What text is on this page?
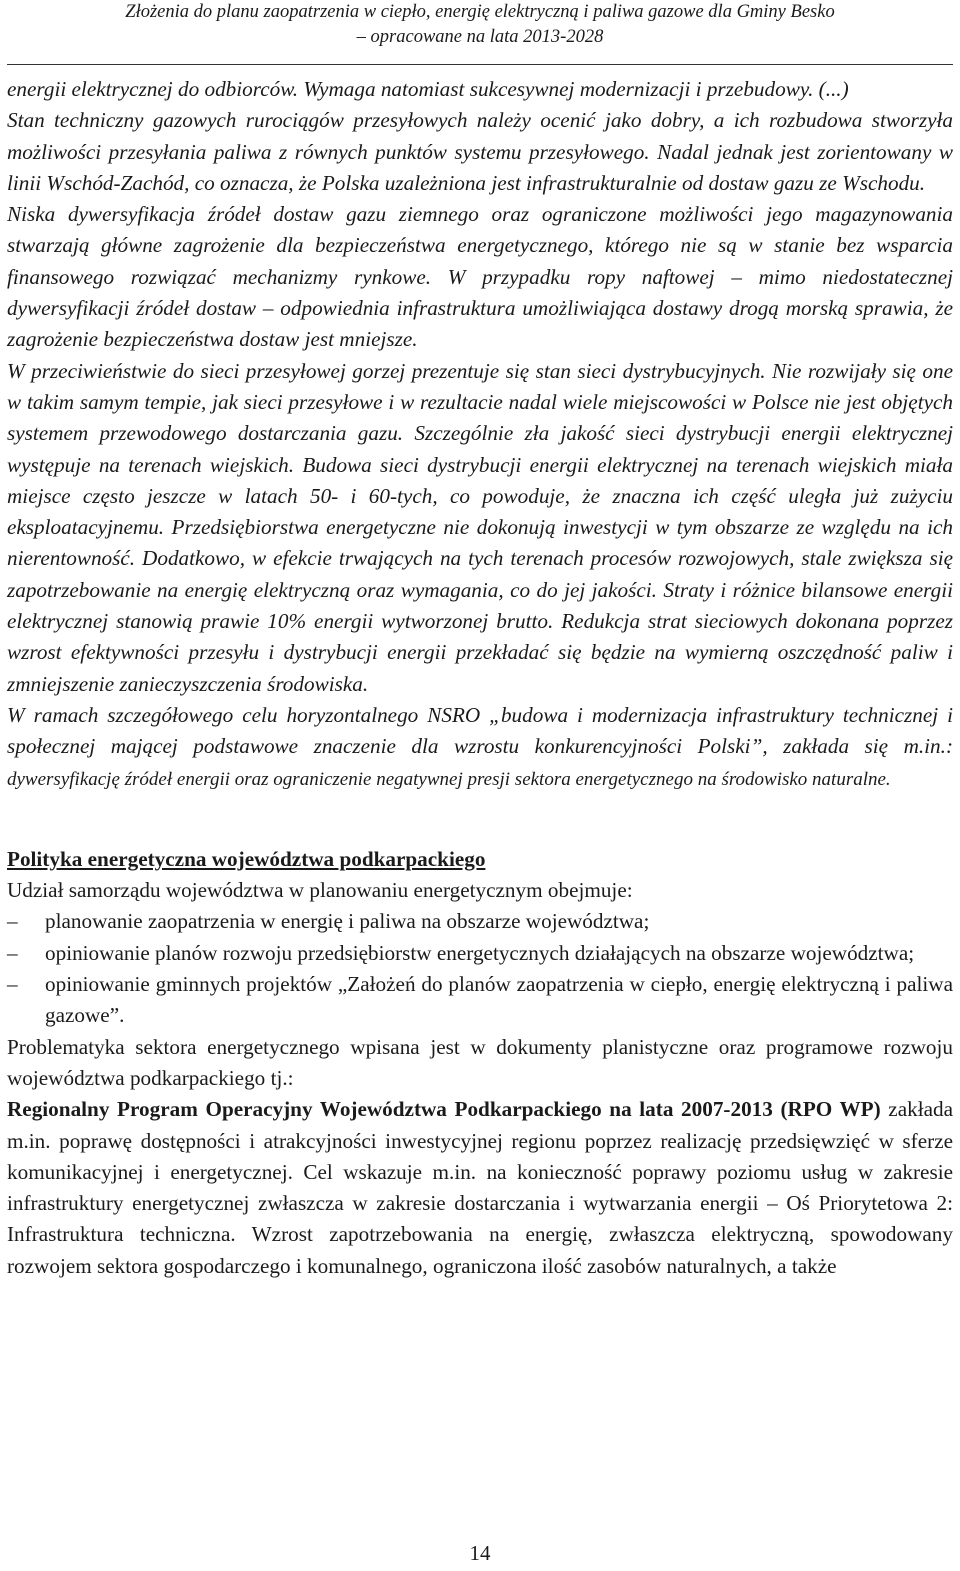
Złożenia do planu zaopatrzenia w ciepło, energię elektryczną i paliwa gazowe dla Gminy Besko
– opracowane na lata 2013-2028

energii elektrycznej do odbiorców. Wymaga natomiast sukcesywnej modernizacji i przebudowy. (...)

Stan techniczny gazowych rurociągów przesyłowych należy ocenić jako dobry, a ich rozbudowa stworzyła możliwości przesyłania paliwa z równych punktów systemu przesyłowego. Nadal jednak jest zorientowany w linii Wschód-Zachód, co oznacza, że Polska uzależniona jest infrastrukturalnie od dostaw gazu ze Wschodu.

Niska dywersyfikacja źródeł dostaw gazu ziemnego oraz ograniczone możliwości jego magazynowania stwarzają główne zagrożenie dla bezpieczeństwa energetycznego, którego nie są w stanie bez wsparcia finansowego rozwiązać mechanizmy rynkowe. W przypadku ropy naftowej – mimo niedostatecznej dywersyfikacji źródeł dostaw – odpowiednia infrastruktura umożliwiająca dostawy drogą morską sprawia, że zagrożenie bezpieczeństwa dostaw jest mniejsze.

W przeciwieństwie do sieci przesyłowej gorzej prezentuje się stan sieci dystrybucyjnych. Nie rozwijały się one w takim samym tempie, jak sieci przesyłowe i w rezultacie nadal wiele miejscowości w Polsce nie jest objętych systemem przewodowego dostarczania gazu. Szczególnie zła jakość sieci dystrybucji energii elektrycznej występuje na terenach wiejskich. Budowa sieci dystrybucji energii elektrycznej na terenach wiejskich miała miejsce często jeszcze w latach 50- i 60-tych, co powoduje, że znaczna ich część uległa już zużyciu eksploatacyjnemu. Przedsiębiorstwa energetyczne nie dokonują inwestycji w tym obszarze ze względu na ich nierentowność. Dodatkowo, w efekcie trwających na tych terenach procesów rozwojowych, stale zwiększa się zapotrzebowanie na energię elektryczną oraz wymagania, co do jej jakości. Straty i różnice bilansowe energii elektrycznej stanowią prawie 10% energii wytworzonej brutto. Redukcja strat sieciowych dokonana poprzez wzrost efektywności przesyłu i dystrybucji energii przekładać się będzie na wymierną oszczędność paliw i zmniejszenie zanieczyszczenia środowiska.

W ramach szczegółowego celu horyzontalnego NSRO „budowa i modernizacja infrastruktury technicznej i społecznej mającej podstawowe znaczenie dla wzrostu konkurencyjności Polski”, zakłada się m.in.: dywersyfikację źródeł energii oraz ograniczenie negatywnej presji sektora energetycznego na środowisko naturalne.

Polityka energetyczna województwa podkarpackiego

Udział samorządu województwa w planowaniu energetycznym obejmuje:

–	planowanie zaopatrzenia w energię i paliwa na obszarze województwa;
–	opiniowanie planów rozwoju przedsiębiorstw energetycznych działających na obszarze województwa;
–	opiniowanie gminnych projektów „Założeń do planów zaopatrzenia w ciepło, energię elektryczną i paliwa gazowe”.

Problematyka sektora energetycznego wpisana jest w dokumenty planistyczne oraz programowe rozwoju województwa podkarpackiego tj.:

Regionalny Program Operacyjny Województwa Podkarpackiego na lata 2007-2013 (RPO WP) zakłada m.in. poprawę dostępności i atrakcyjności inwestycyjnej regionu poprzez realizację przedsięwzięć w sferze komunikacyjnej i energetycznej. Cel wskazuje m.in. na konieczność poprawy poziomu usług w zakresie infrastruktury energetycznej zwłaszcza w zakresie dostarczania i wytwarzania energii – Oś Priorytetowa 2: Infrastruktura techniczna. Wzrost zapotrzebowania na energię, zwłaszcza elektryczną, spowodowany rozwojem sektora gospodarczego i komunalnego, ograniczona ilość zasobów naturalnych, a także

14
